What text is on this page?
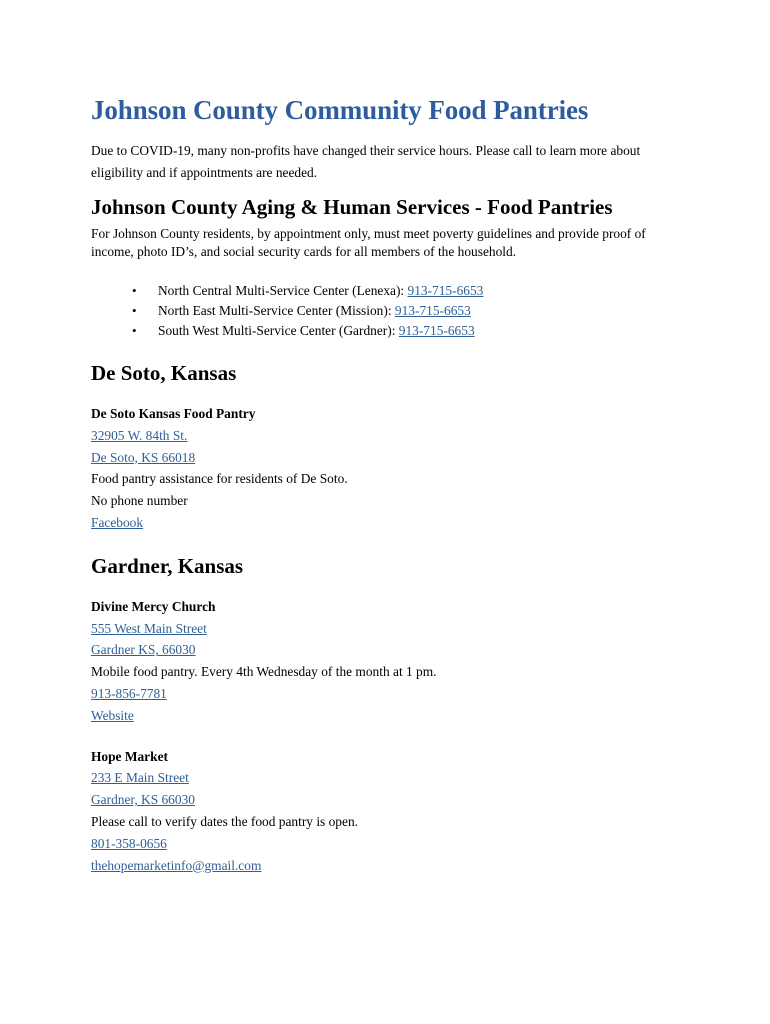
Johnson County Community Food Pantries
Due to COVID-19, many non-profits have changed their service hours. Please call to learn more about eligibility and if appointments are needed.
Johnson County Aging & Human Services - Food Pantries
For Johnson County residents, by appointment only, must meet poverty guidelines and provide proof of income, photo ID’s, and social security cards for all members of the household.
• North Central Multi-Service Center (Lenexa): 913-715-6653
• North East Multi-Service Center (Mission): 913-715-6653
• South West Multi-Service Center (Gardner): 913-715-6653
De Soto, Kansas
De Soto Kansas Food Pantry
32905 W. 84th St.
De Soto, KS 66018
Food pantry assistance for residents of De Soto.
No phone number
Facebook
Gardner, Kansas
Divine Mercy Church
555 West Main Street
Gardner KS, 66030
Mobile food pantry. Every 4th Wednesday of the month at 1 pm.
913-856-7781
Website
Hope Market
233 E Main Street
Gardner, KS 66030
Please call to verify dates the food pantry is open.
801-358-0656
thehopemarketinfo@gmail.com
